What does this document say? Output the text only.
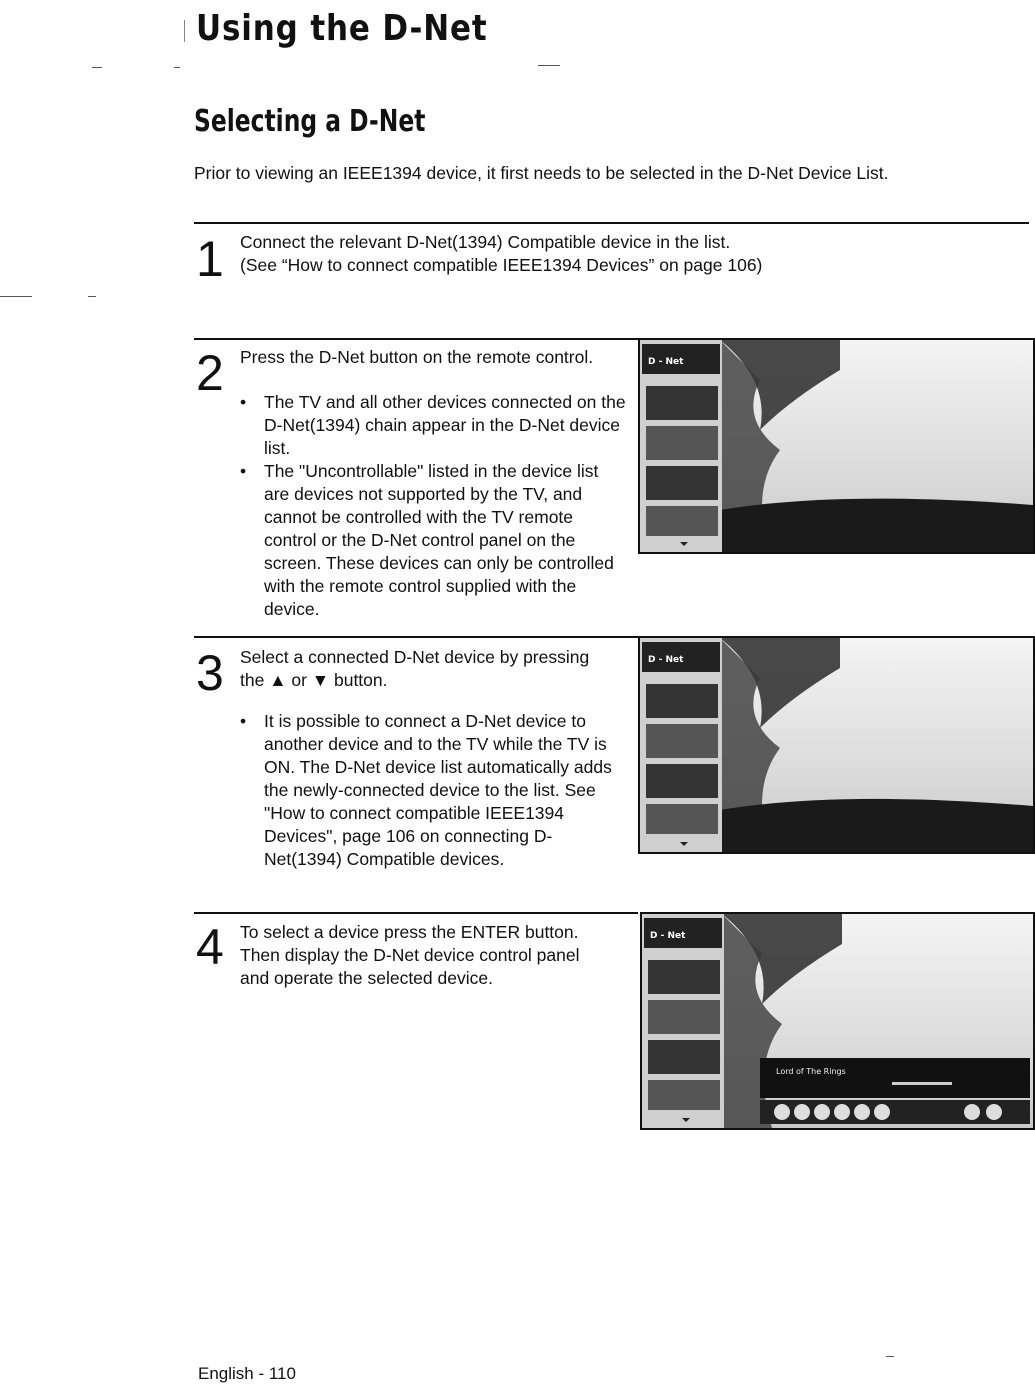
Using the D-Net
Selecting a D-Net
Prior to viewing an IEEE1394 device, it first needs to be selected in the D-Net Device List.
1 Connect the relevant D-Net(1394) Compatible device in the list.

(See “How to connect compatible IEEE1394 Devices” on page 106)

2 Press the D-Net button on the remote control.

• The TV and all other devices connected on the D-Net(1394) chain appear in the D-Net device list.
• The "Uncontrollable" listed in the device list are devices not supported by the TV, and cannot be controlled with the TV remote control or the D-Net control panel on the screen. These devices can only be controlled with the remote control supplied with the device.
3 Select a connected D-Net device by pressing

the ▲ or ▼ button.

• It is possible to connect a D-Net device to another device and to the TV while the TV is ON. The D-Net device list automatically adds the newly-connected device to the list. See "How to connect compatible IEEE1394 Devices", page 106 on connecting D-Net(1394) Compatible devices.
4 To select a device press the ENTER button.

Then display the D-Net device control panel

and operate the selected device.

D - Net
D - Net
D - Net
Lord of The Rings
English - 110
